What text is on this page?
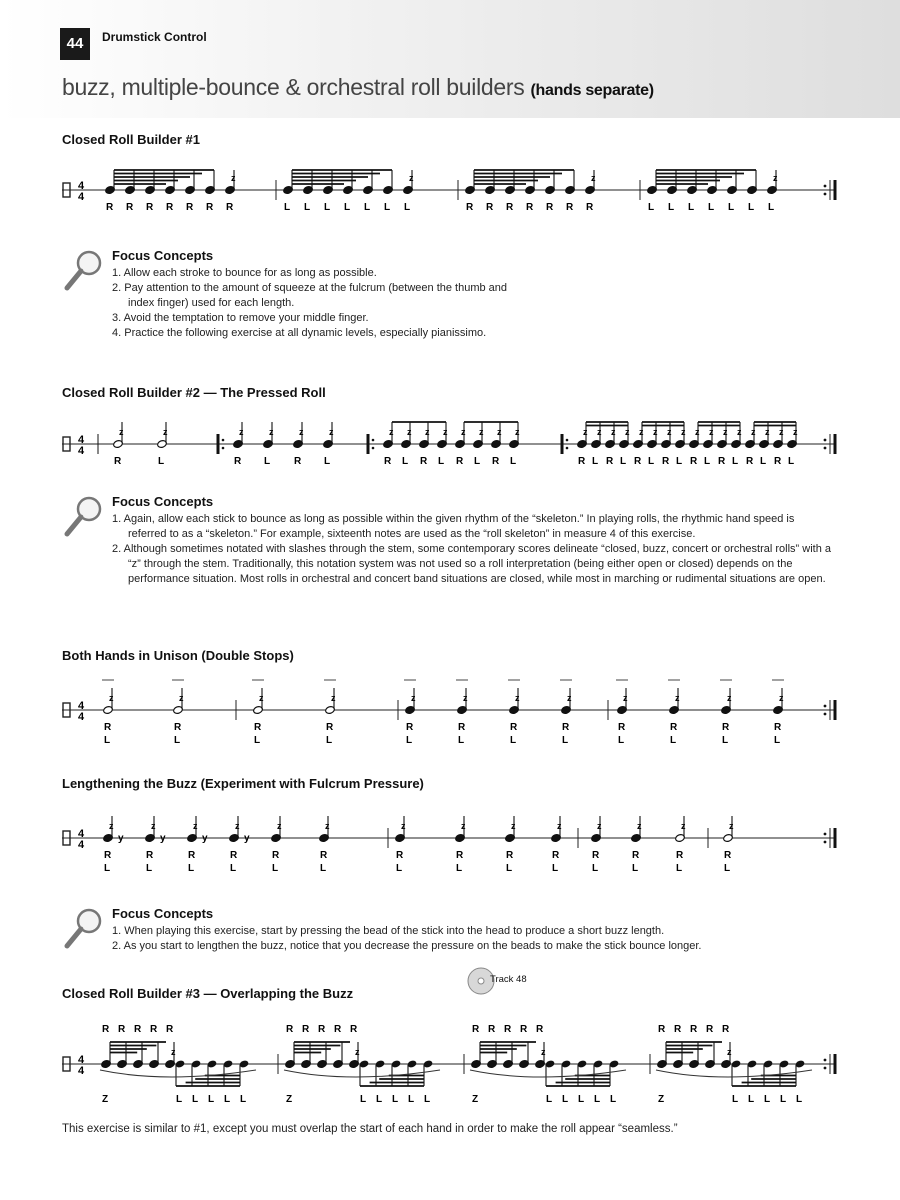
44	Drumstick Control
buzz, multiple-bounce & orchestral roll builders (hands separate)
Closed Roll Builder #1
4
4
R R R R R R
z
R	L L L L L L
z
L	R R R R R R
z
R	L L L L L L
z
L
Focus Concepts
1. Allow each stroke to bounce for as long as possible.
2. Pay attention to the amount of squeeze at the fulcrum (between the thumb and index finger) used for each length.
3. Avoid the temptation to remove your middle finger.
4. Practice the following exercise at all dynamic levels, especially pianissimo.
Closed Roll Builder #2 — The Pressed Roll
4
4
z
R
z
L
z
R
z
L
z
R
z
L
z
R
z
L
z
R
z
L
z
R
z
L
z
R
z
L
z
R
z
L
z
R
z
L
z
R
z
L
z
R
z
L
z
R
z
L
z
R
z
L
z
R
z
L
z
R
z
L
Focus Concepts
1. Again, allow each stick to bounce as long as possible within the given rhythm of the “skeleton.” In playing rolls, the rhythmic hand speed is referred to as a “skeleton.” For example, sixteenth notes are used as the “roll skeleton” in measure 4 of this exercise.
2. Although sometimes notated with slashes through the stem, some contemporary scores delineate “closed, buzz, concert or orchestral rolls” with a “z” through the stem. Traditionally, this notation system was not used so a roll interpretation (being either open or closed) depends on the performance situation. Most rolls in orchestral and concert band situations are closed, while most in marching or rudimental situations are open.
Both Hands in Unison (Double Stops)
4
4
z
R
L
z
R
L
z
R
L
z
R
L
z
R
L
z
R
L
z
R
L
z
R
L
z
R
L
z
R
L
z
R
L
z
R
L
Lengthening the Buzz (Experiment with Fulcrum Pressure)
4
4
z
y
R
L
z
y
R
L
z
y
R
L
z
y
R
L
z
R
L
z
R
L
z
R
L
z
R
L
z
R
L
z
R
L
z
R
L
z
R
L
z
R
L
z
R
L
Focus Concepts
1. When playing this exercise, start by pressing the bead of the stick into the head to produce a short buzz length.
2. As you start to lengthen the buzz, notice that you decrease the pressure on the beads to make the stick bounce longer.
Closed Roll Builder #3 — Overlapping the Buzz
Track 48
4
4
R R R R
z
R
Z	L L L L L
R R R R
z
R
Z	L L L L L
R R R R
z
R
Z	L L L L L
R R R R
z
R
Z	L L L L L
This exercise is similar to #1, except you must overlap the start of each hand in order to make the roll appear “seamless.”
